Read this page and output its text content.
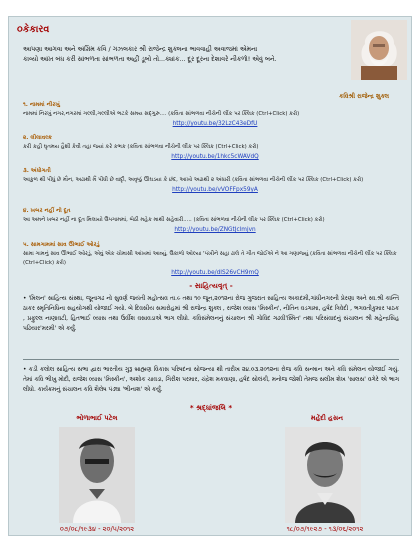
૦કેકારવ
આપણા આગવા અને અંગ્રિમ કવિ / ગઝલકાર શ્રી રાજેન્દ્ર શુક્લના ભાવવાહી અવાજમાં એમના
કાવ્યો આંખ બંધ કરી સાંભળતા સાંભળતા અહીં ડૂબો તો...ક્યાંક... દૂર દૂરના દેશાવરે નીકળો! એવું બને.
કવિશ્રી રાજેન્દ્ર શુક્લ
૧. નામમાં નીરખું
નામમાં નિરખું નગર,નગરમાં ગલ્લી,ગલ્લીએ ભટકે સમય સદ્‍ગુરુ.... (કવિતા સાંભળવા નીચેની લીંક પર ક્લિક (Ctrl+Click) કરો)
http://youtu.be/32LzC43eDfU
૨. લીલાવલ્ક
કરી કહી ઘૃતમય હૈશી કેવી તહા જયાં કરે કભક (કવિતા સાંભળવા નીચેની લીંક પર ક્લિક (Ctrl+Click) કરો)
http://youtu.be/1hkc5cWAVdQ
૩. અંધોગતી
આકુળ થી પીધું છે મૌન, અઢાથી મૈં પીધી છે વાદૃી, અવૃષ્ઠું ઊઘડયા કે છંદ, આખો અઢાથી ૨ અંધારી (કવિતા સાંભળવા નીચેની લીંક પર ક્લિક (Ctrl+Click) કરો)
http://youtu.be/vVOFFpx59yA
૪. ખબર નહીં નો દૂત
આ અમને ખબર નહીં ના દૂત મિલાયો ઉપગામમાં, બેઠી મહેક માથી સહેવારી..... (કવિતા સાંભળવા નીચેની લીંક પર ક્લિક (Ctrl+Click) કરો)
http://youtu.be/ZNGtJclmjvn
૫. સામગામમાં સાવ ઊભાઈ ઓરડું
સામા ગામનું સાવ ઊભાઈ ઓરડું, એવું એક ચોમાસી આંખમાં આવ્યું, ઉકાળો ઓલ્યા 'પંખીને સહા ઢાલે તે ગીત જોઈએ ને આ ગણાજ્યું (કવિતા સાંભળવા નીચેની લીંક પર ક્લિક (Ctrl+Click) કરો)
http://youtu.be/dIS26vCH9mQ
- સાહિત્યવૃત્ -
• 'મિલન' સાહિત્ય સંસ્થા, જૂનાગઢ નો સુવર્ણ જયંતી મહોત્સવ તા.૯ તથા ૧૦ જૂન,૨૦૧૨ના રોજ ગુજરાત સાહિત્ય અકાદમી,ગાંધીનગરની પ્રેરણા અને સ્વ.શ્રી કાન્તિ ઠાકર સ્મૃતિનિધિના સહયોગથી યોજાઈ ગયો. બે દિવસીય સમારોહમાં શ્રી રાજેન્દ્ર શુક્લ , રાજેશ વ્યાસ 'મિસ્કીન', નીતિન વડગામા, હર્ષદ ત્રિવેદી , ભગવતીકુમાર પાઠક , પ્રફુલ્લ નાણાવટી, હિતભાઈ વ્યાસ તથા ઉર્વીશ વસાવડાએ ભાગ લીધો. કવિસંમેલનનું સંચાલન શ્રી ગોવિંદ ગઢવી'સ્મિત' તથા પરિસંવાદનું સંચાલન શ્રી મહેન્દ્રસિંહ પઢિયાર'મરમી' એ કર્યું.
• કડી કલોલ સાહિત્ય સભા દ્વારા ભારતીય ગુરૂ બ્રાહ્મણ વિકાસ પરિષદના સોજન્યા થી તારીખ ૨૪.૦૩.૨૦૧૨ના રોજ કવિ સન્માન અને કવિ સંમેલન યોજાઈ ગયું. તેમાં કવિ ભીખુ મોદી, રાજેશ વ્યાસ 'મિસ્કીન', અશોક ચાવડા, ગિરીશ પરમાર, ચંદ્રેશ મકવાણા, હર્ષદ સોલંકી, મનોજ જોશી તેમજ સલીમ શેખ 'સાલસ' વગેરે એ ભાગ લીધો. કાર્યક્રમનું સંચાલન કવિ શૈલેષ પંડ્યા 'ભીનાશ' એ કર્યું.
* શ્રદ્ધાંજલિ *
ભોળાભાઈ પટેલ	મહેંદી હસન
૦૭/૦૮/૧૯૩૪ - ૨૦/૫/૨૦૧૨	૧૮/૦૭/૧૯૨૭ - ૧૩/૦૬/૨૦૧૨
